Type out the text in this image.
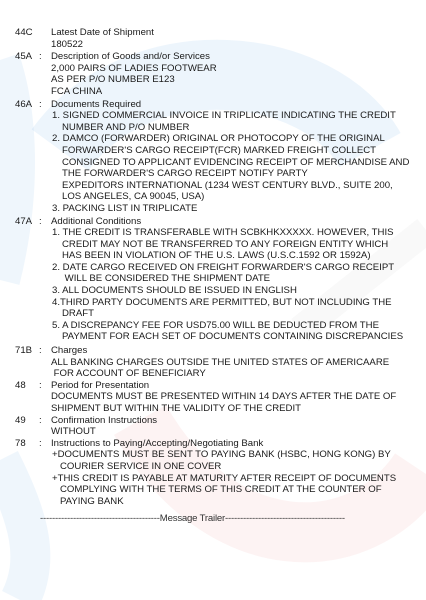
44C	Latest Date of Shipment
180522
45A : Description of Goods and/or Services
2,000 PAIRS OF LADIES FOOTWEAR
AS PER P/O NUMBER E123
FCA CHINA
46A : Documents Required
1. SIGNED COMMERCIAL INVOICE IN TRIPLICATE INDICATING THE CREDIT
NUMBER AND P/O NUMBER
2. DAMCO (FORWARDER) ORIGINAL OR PHOTOCOPY OF THE ORIGINAL
FORWARDER'S CARGO RECEIPT(FCR) MARKED FREIGHT COLLECT
CONSIGNED TO APPLICANT EVIDENCING RECEIPT OF MERCHANDISE AND
THE FORWARDER'S CARGO RECEIPT NOTIFY PARTY
EXPEDITORS INTERNATIONAL (1234 WEST CENTURY BLVD., SUITE 200,
LOS ANGELES, CA 90045, USA)
3. PACKING LIST IN TRIPLICATE
47A : Additional Conditions
1. THE CREDIT IS TRANSFERABLE WITH SCBKHKXXXXX. HOWEVER, THIS
CREDIT MAY NOT BE TRANSFERRED TO ANY FOREIGN ENTITY WHICH
HAS BEEN IN VIOLATION OF THE U.S. LAWS (U.S.C.1592 OR 1592A)
2. DATE CARGO RECEIVED ON FREIGHT FORWARDER'S CARGO RECEIPT
WILL BE CONSIDERED THE SHIPMENT DATE
3. ALL DOCUMENTS SHOULD BE ISSUED IN ENGLISH
4.THIRD PARTY DOCUMENTS ARE PERMITTED, BUT NOT INCLUDING THE
DRAFT
5. A DISCREPANCY FEE FOR USD75.00 WILL BE DEDUCTED FROM THE
PAYMENT FOR EACH SET OF DOCUMENTS CONTAINING DISCREPANCIES
71B : Charges
ALL BANKING CHARGES OUTSIDE THE UNITED STATES OF AMERICAARE
FOR ACCOUNT OF BENEFICIARY
48	: Period for Presentation
DOCUMENTS MUST BE PRESENTED WITHIN 14 DAYS AFTER THE DATE OF
SHIPMENT BUT WITHIN THE VALIDITY OF THE CREDIT
49	: Confirmation Instructions
WITHOUT
78	: Instructions to Paying/Accepting/Negotiating Bank
+DOCUMENTS MUST BE SENT TO PAYING BANK (HSBC, HONG KONG) BY
COURIER SERVICE IN ONE COVER
+THIS CREDIT IS PAYABLE AT MATURITY AFTER RECEIPT OF DOCUMENTS
COMPLYING WITH THE TERMS OF THIS CREDIT AT THE COUNTER OF
PAYING BANK
----------------------------------------Message Trailer----------------------------------------
